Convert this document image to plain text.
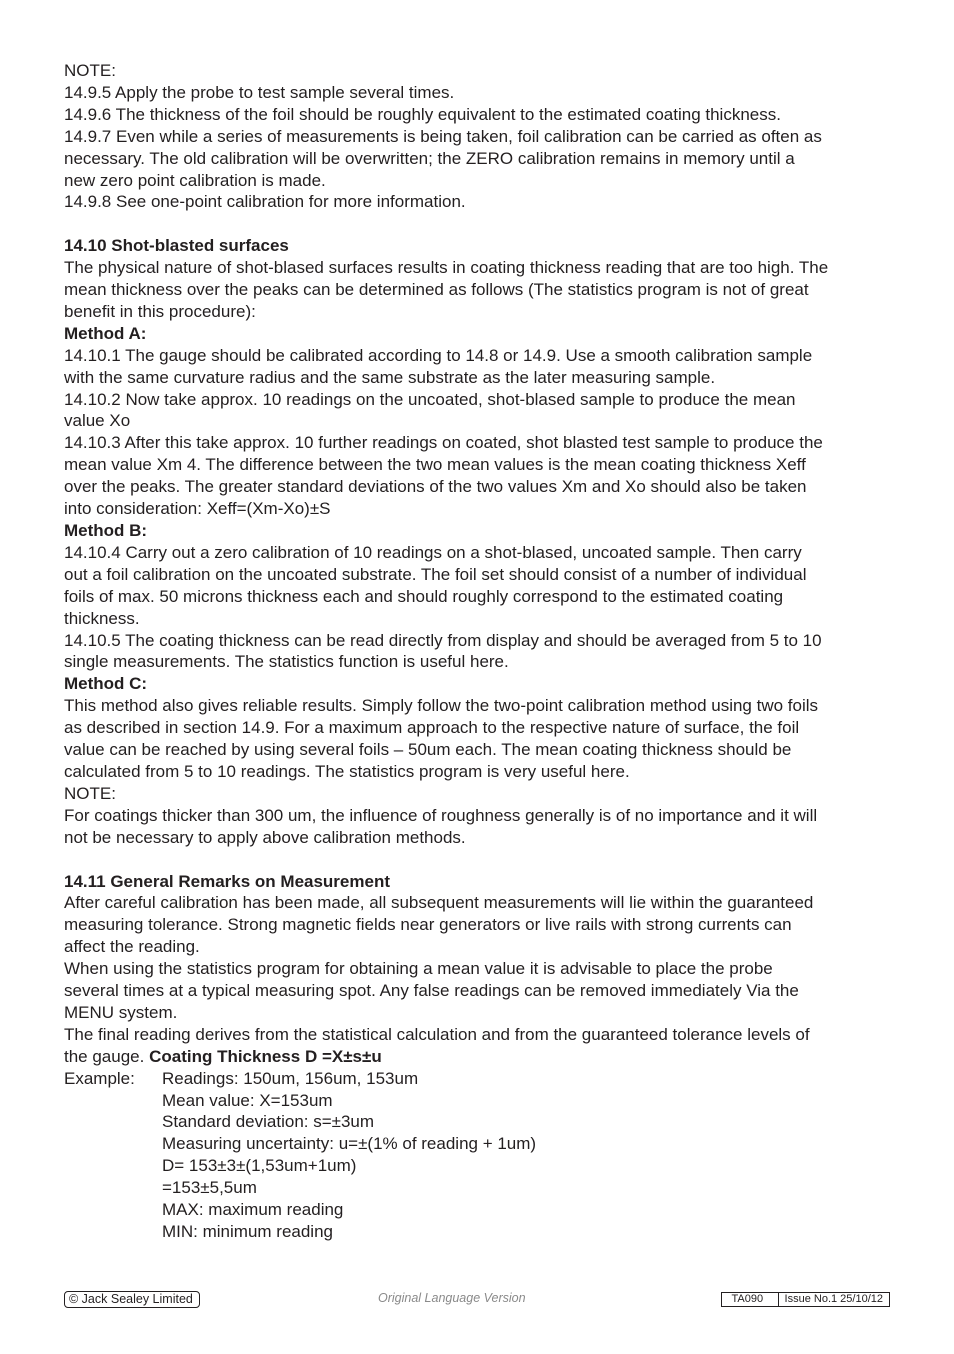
NOTE:
14.9.5 Apply the probe to test sample several times.
14.9.6 The thickness of the foil should be roughly equivalent to the estimated coating thickness.
14.9.7 Even while a series of measurements is being taken, foil calibration can be carried as often as
necessary. The old calibration will be overwritten; the ZERO calibration remains in memory until a
new zero point calibration is made.
14.9.8 See one-point calibration for more information.
14.10 Shot-blasted surfaces
The physical nature of shot-blased surfaces results in coating thickness reading that are too high. The
mean thickness over the peaks can be determined as follows (The statistics program is not of great
benefit in this procedure):
Method A:
14.10.1 The gauge should be calibrated according to 14.8 or 14.9. Use a smooth calibration sample
with the same curvature radius and the same substrate as the later measuring sample.
14.10.2 Now take approx. 10 readings on the uncoated, shot-blased sample to produce the mean
value Xo
14.10.3 After this take approx. 10 further readings on coated, shot blasted test sample to produce the
mean value Xm 4. The difference between the two mean values is the mean coating thickness Xeff
over the peaks. The greater standard deviations of the two values Xm and Xo should also be taken
into consideration: Xeff=(Xm-Xo)±S
Method B:
14.10.4 Carry out a zero calibration of 10 readings on a shot-blased, uncoated sample. Then carry
out a foil calibration on the uncoated substrate. The foil set should consist of a number of individual
foils of max. 50 microns thickness each and should roughly correspond to the estimated coating
thickness.
14.10.5 The coating thickness can be read directly from display and should be averaged from 5 to 10
single measurements. The statistics function is useful here.
Method C:
This method also gives reliable results. Simply follow the two-point calibration method using two foils
as described in section 14.9. For a maximum approach to the respective nature of surface, the foil
value can be reached by using several foils – 50um each. The mean coating thickness should be
calculated from 5 to 10 readings. The statistics program is very useful here.
NOTE:
For coatings thicker than 300 um, the influence of roughness generally is of no importance and it will
not be necessary to apply above calibration methods.
14.11 General Remarks on Measurement
After careful calibration has been made, all subsequent measurements will lie within the guaranteed
measuring tolerance. Strong magnetic fields near generators or live rails with strong currents can
affect the reading.
When using the statistics program for obtaining a mean value it is advisable to place the probe
several times at a typical measuring spot. Any false readings can be removed immediately Via the
MENU system.
The final reading derives from the statistical calculation and from the guaranteed tolerance levels of
the gauge. Coating Thickness D =X±s±u
Example:	Readings: 150um, 156um, 153um
Mean value: X=153um
Standard deviation: s=±3um
Measuring uncertainty: u=±(1% of reading + 1um)
D= 153±3±(1,53um+1um)
=153±5,5um
MAX: maximum reading
MIN: minimum reading
© Jack Sealey Limited	Original Language Version	TA090	Issue No.1 25/10/12
